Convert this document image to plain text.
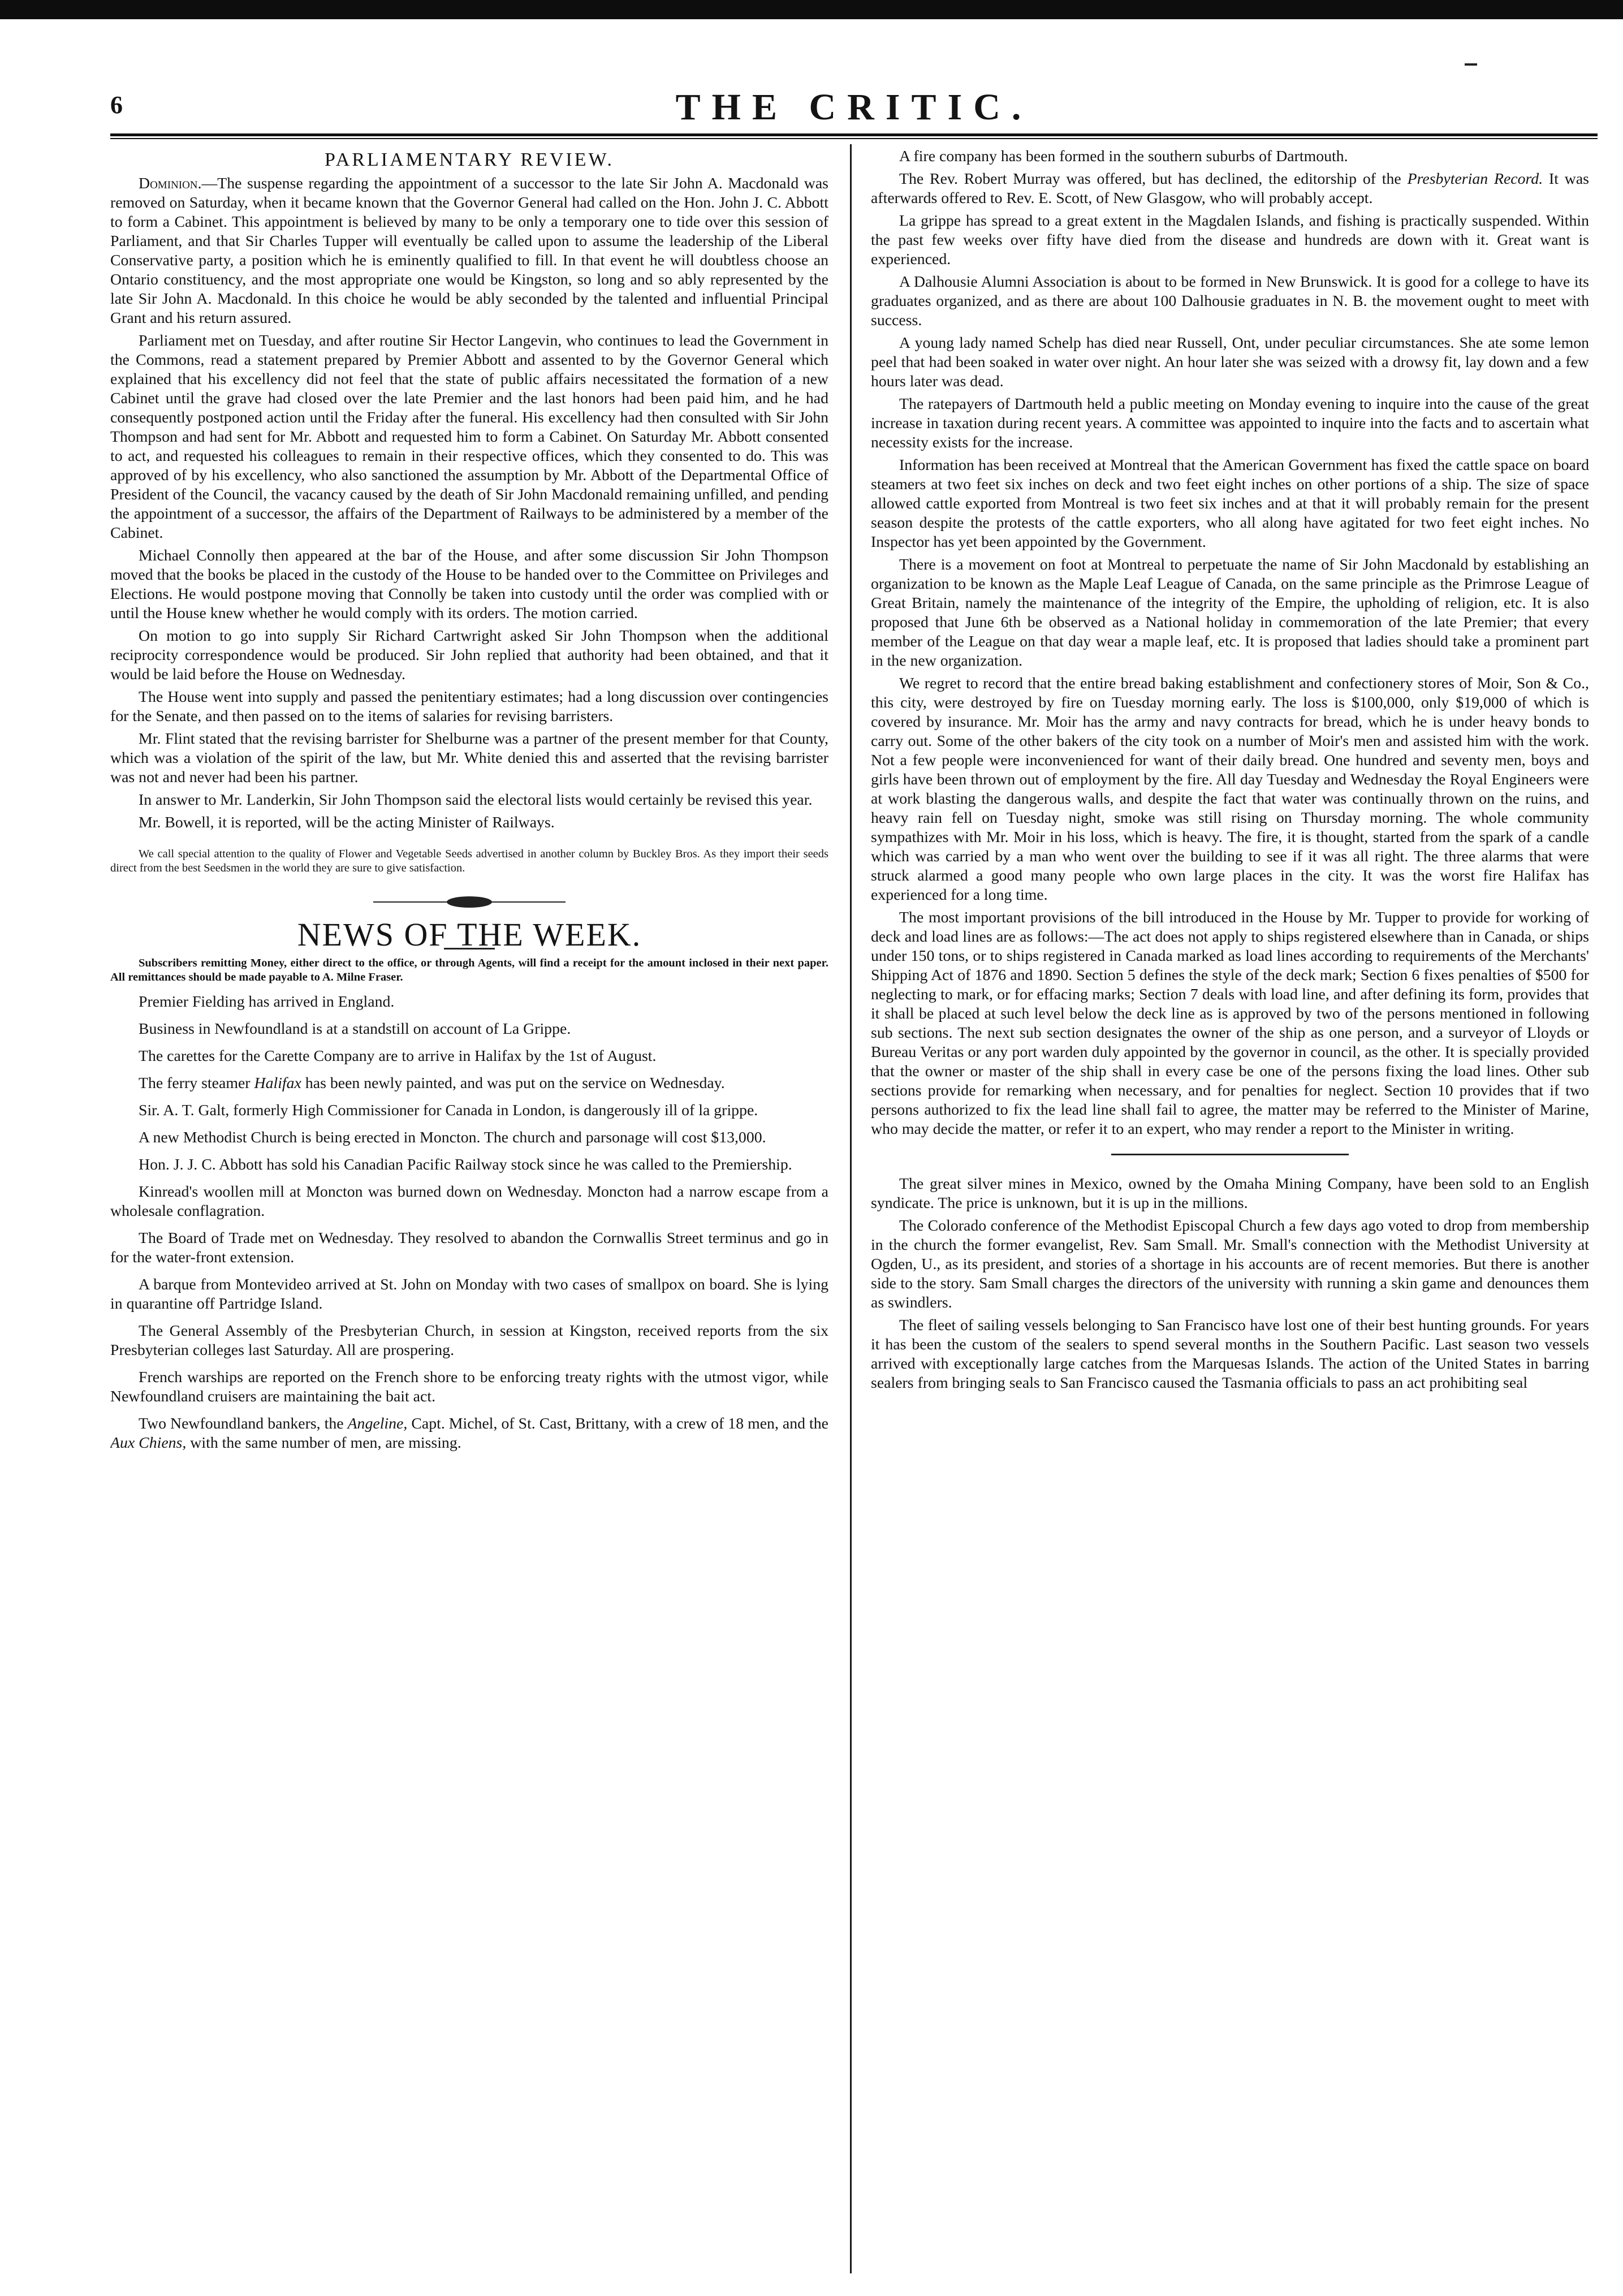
6	THE CRITIC.

PARLIAMENTARY REVIEW.

Dominion.—The suspense regarding the appointment of a successor to the late Sir John A. Macdonald was removed on Saturday, when it became known that the Governor General had called on the Hon. John J. C. Abbott to form a Cabinet. This appointment is believed by many to be only a temporary one to tide over this session of Parliament, and that Sir Charles Tupper will eventually be called upon to assume the leadership of the Liberal Conservative party, a position which he is eminently qualified to fill. In that event he will doubtless choose an Ontario constituency, and the most appropriate one would be Kingston, so long and so ably represented by the late Sir John A. Macdonald. In this choice he would be ably seconded by the talented and influential Principal Grant and his return assured.

Parliament met on Tuesday, and after routine Sir Hector Langevin, who continues to lead the Government in the Commons, read a statement prepared by Premier Abbott and assented to by the Governor General which explained that his excellency did not feel that the state of public affairs necessitated the formation of a new Cabinet until the grave had closed over the late Premier and the last honors had been paid him, and he had consequently postponed action until the Friday after the funeral. His excellency had then consulted with Sir John Thompson and had sent for Mr. Abbott and requested him to form a Cabinet. On Saturday Mr. Abbott consented to act, and requested his colleagues to remain in their respective offices, which they consented to do. This was approved of by his excellency, who also sanctioned the assumption by Mr. Abbott of the Departmental Office of President of the Council, the vacancy caused by the death of Sir John Macdonald remaining unfilled, and pending the appointment of a successor, the affairs of the Department of Railways to be administered by a member of the Cabinet.

Michael Connolly then appeared at the bar of the House, and after some discussion Sir John Thompson moved that the books be placed in the custody of the House to be handed over to the Committee on Privileges and Elections. He would postpone moving that Connolly be taken into custody until the order was complied with or until the House knew whether he would comply with its orders. The motion carried.

On motion to go into supply Sir Richard Cartwright asked Sir John Thompson when the additional reciprocity correspondence would be produced. Sir John replied that authority had been obtained, and that it would be laid before the House on Wednesday.

The House went into supply and passed the penitentiary estimates; had a long discussion over contingencies for the Senate, and then passed on to the items of salaries for revising barristers.

Mr. Flint stated that the revising barrister for Shelburne was a partner of the present member for that County, which was a violation of the spirit of the law, but Mr. White denied this and asserted that the revising barrister was not and never had been his partner.

In answer to Mr. Landerkin, Sir John Thompson said the electoral lists would certainly be revised this year.

Mr. Bowell, it is reported, will be the acting Minister of Railways.

We call special attention to the quality of Flower and Vegetable Seeds advertised in another column by Buckley Bros. As they import their seeds direct from the best Seedsmen in the world they are sure to give satisfaction.

NEWS OF THE WEEK.

Subscribers remitting Money, either direct to the office, or through Agents, will find a receipt for the amount inclosed in their next paper. All remittances should be made payable to A. Milne Fraser.

Premier Fielding has arrived in England.

Business in Newfoundland is at a standstill on account of La Grippe.

The carettes for the Carette Company are to arrive in Halifax by the 1st of August.

The ferry steamer Halifax has been newly painted, and was put on the service on Wednesday.

Sir. A. T. Galt, formerly High Commissioner for Canada in London, is dangerously ill of la grippe.

A new Methodist Church is being erected in Moncton. The church and parsonage will cost $13,000.

Hon. J. J. C. Abbott has sold his Canadian Pacific Railway stock since he was called to the Premiership.

Kinread's woollen mill at Moncton was burned down on Wednesday. Moncton had a narrow escape from a wholesale conflagration.

The Board of Trade met on Wednesday. They resolved to abandon the Cornwallis Street terminus and go in for the water-front extension.

A barque from Montevideo arrived at St. John on Monday with two cases of smallpox on board. She is lying in quarantine off Partridge Island.

The General Assembly of the Presbyterian Church, in session at Kingston, received reports from the six Presbyterian colleges last Saturday. All are prospering.

French warships are reported on the French shore to be enforcing treaty rights with the utmost vigor, while Newfoundland cruisers are maintaining the bait act.

Two Newfoundland bankers, the Angeline, Capt. Michel, of St. Cast, Brittany, with a crew of 18 men, and the Aux Chiens, with the same number of men, are missing.

A fire company has been formed in the southern suburbs of Dartmouth.

The Rev. Robert Murray was offered, but has declined, the editorship of the Presbyterian Record. It was afterwards offered to Rev. E. Scott, of New Glasgow, who will probably accept.

La grippe has spread to a great extent in the Magdalen Islands, and fishing is practically suspended. Within the past few weeks over fifty have died from the disease and hundreds are down with it. Great want is experienced.

A Dalhousie Alumni Association is about to be formed in New Brunswick. It is good for a college to have its graduates organized, and as there are about 100 Dalhousie graduates in N. B. the movement ought to meet with success.

A young lady named Schelp has died near Russell, Ont, under peculiar circumstances. She ate some lemon peel that had been soaked in water over night. An hour later she was seized with a drowsy fit, lay down and a few hours later was dead.

The ratepayers of Dartmouth held a public meeting on Monday evening to inquire into the cause of the great increase in taxation during recent years. A committee was appointed to inquire into the facts and to ascertain what necessity exists for the increase.

Information has been received at Montreal that the American Government has fixed the cattle space on board steamers at two feet six inches on deck and two feet eight inches on other portions of a ship. The size of space allowed cattle exported from Montreal is two feet six inches and at that it will probably remain for the present season despite the protests of the cattle exporters, who all along have agitated for two feet eight inches. No Inspector has yet been appointed by the Government.

There is a movement on foot at Montreal to perpetuate the name of Sir John Macdonald by establishing an organization to be known as the Maple Leaf League of Canada, on the same principle as the Primrose League of Great Britain, namely the maintenance of the integrity of the Empire, the upholding of religion, etc. It is also proposed that June 6th be observed as a National holiday in commemoration of the late Premier; that every member of the League on that day wear a maple leaf, etc. It is proposed that ladies should take a prominent part in the new organization.

We regret to record that the entire bread baking establishment and confectionery stores of Moir, Son & Co., this city, were destroyed by fire on Tuesday morning early. The loss is $100,000, only $19,000 of which is covered by insurance. Mr. Moir has the army and navy contracts for bread, which he is under heavy bonds to carry out. Some of the other bakers of the city took on a number of Moir's men and assisted him with the work. Not a few people were inconvenienced for want of their daily bread. One hundred and seventy men, boys and girls have been thrown out of employment by the fire. All day Tuesday and Wednesday the Royal Engineers were at work blasting the dangerous walls, and despite the fact that water was continually thrown on the ruins, and heavy rain fell on Tuesday night, smoke was still rising on Thursday morning. The whole community sympathizes with Mr. Moir in his loss, which is heavy. The fire, it is thought, started from the spark of a candle which was carried by a man who went over the building to see if it was all right. The three alarms that were struck alarmed a good many people who own large places in the city. It was the worst fire Halifax has experienced for a long time.

The most important provisions of the bill introduced in the House by Mr. Tupper to provide for working of deck and load lines are as follows:—The act does not apply to ships registered elsewhere than in Canada, or ships under 150 tons, or to ships registered in Canada marked as load lines according to requirements of the Merchants' Shipping Act of 1876 and 1890. Section 5 defines the style of the deck mark; Section 6 fixes penalties of $500 for neglecting to mark, or for effacing marks; Section 7 deals with load line, and after defining its form, provides that it shall be placed at such level below the deck line as is approved by two of the persons mentioned in following sub sections. The next sub section designates the owner of the ship as one person, and a surveyor of Lloyds or Bureau Veritas or any port warden duly appointed by the governor in council, as the other. It is specially provided that the owner or master of the ship shall in every case be one of the persons fixing the load lines. Other sub sections provide for remarking when necessary, and for penalties for neglect. Section 10 provides that if two persons authorized to fix the lead line shall fail to agree, the matter may be referred to the Minister of Marine, who may decide the matter, or refer it to an expert, who may render a report to the Minister in writing.

The great silver mines in Mexico, owned by the Omaha Mining Company, have been sold to an English syndicate. The price is unknown, but it is up in the millions.

The Colorado conference of the Methodist Episcopal Church a few days ago voted to drop from membership in the church the former evangelist, Rev. Sam Small. Mr. Small's connection with the Methodist University at Ogden, U., as its president, and stories of a shortage in his accounts are of recent memories. But there is another side to the story. Sam Small charges the directors of the university with running a skin game and denounces them as swindlers.

The fleet of sailing vessels belonging to San Francisco have lost one of their best hunting grounds. For years it has been the custom of the sealers to spend several months in the Southern Pacific. Last season two vessels arrived with exceptionally large catches from the Marquesas Islands. The action of the United States in barring sealers from bringing seals to San Francisco caused the Tasmania officials to pass an act prohibiting seal
